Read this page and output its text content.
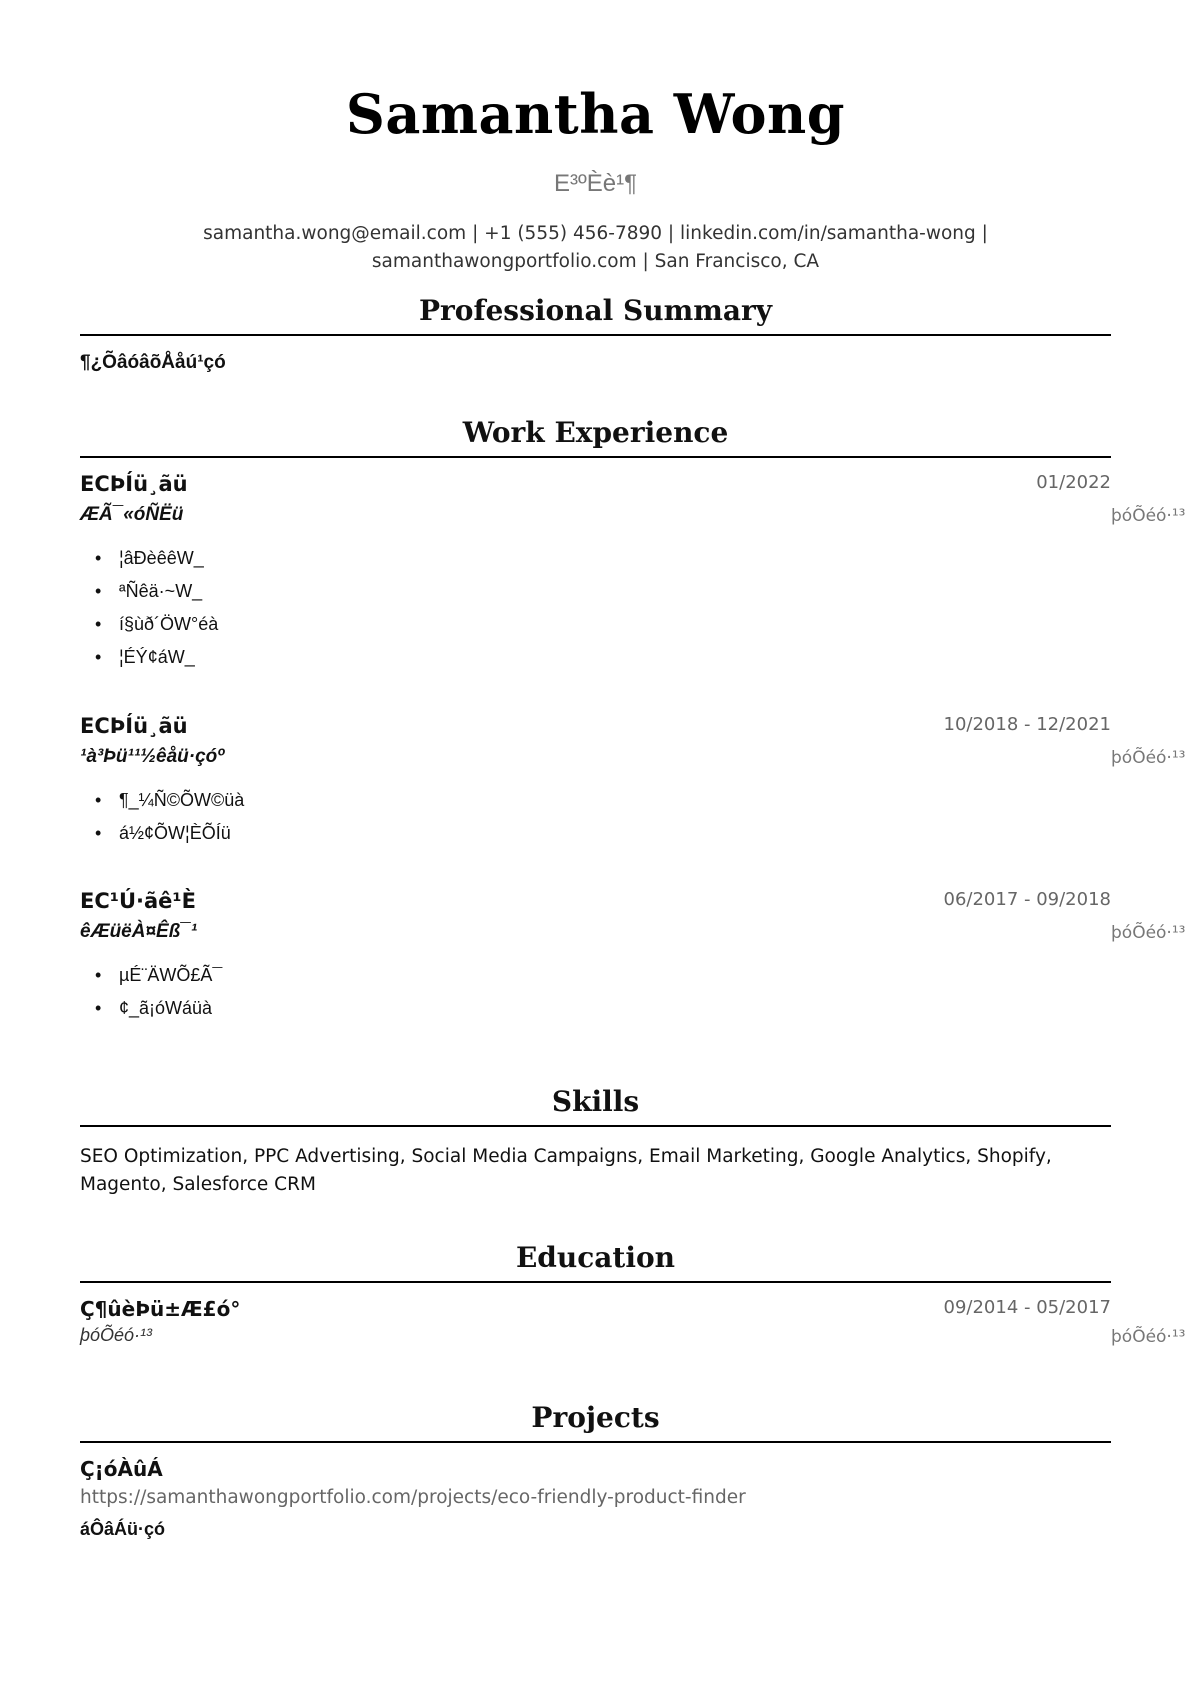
Samantha Wong
E³ºÈè¹¶
samantha.wong@email.com | +1 (555) 456-7890 | linkedin.com/in/samantha-wong |
samanthawongportfolio.com | San Francisco, CA
Professional Summary
¶¿ÕâóâõÅåú¹çó
Work Experience
ECÞÍü¸ãü	01/2022
ÆÃ¯«óÑËü	þóÕéó·¹³
• ¦âÐèêêW_
• ªÑêä·~W_
• í§ùð´ÖW°éà
• ¦ÉÝ¢áW_
ECÞÍü¸ãü	10/2018 - 12/2021
¹à³Þü¹¹½êåü·çóº	þóÕéó·¹³
• ¶_¼Ñ©ÕW©üà
• á½¢ÕW¦ÈÕÍü
EC¹Ú·ãê¹È	06/2017 - 09/2018
êÆüëÀ¤Êß¯¹	þóÕéó·¹³
• µÉ¨ÄWÕ£Ã¯
• ¢_ã¡óWáüà
Skills
SEO Optimization, PPC Advertising, Social Media Campaigns, Email Marketing, Google Analytics, Shopify, Magento, Salesforce CRM
Education
Ç¶ûèÞü±Æ£ó°	09/2014 - 05/2017
þóÕéó·¹³	þóÕéó·¹³
Projects
Ç¡óÀûÁ
https://samanthawongportfolio.com/projects/eco-friendly-product-finder
áÔâÁü·çó
